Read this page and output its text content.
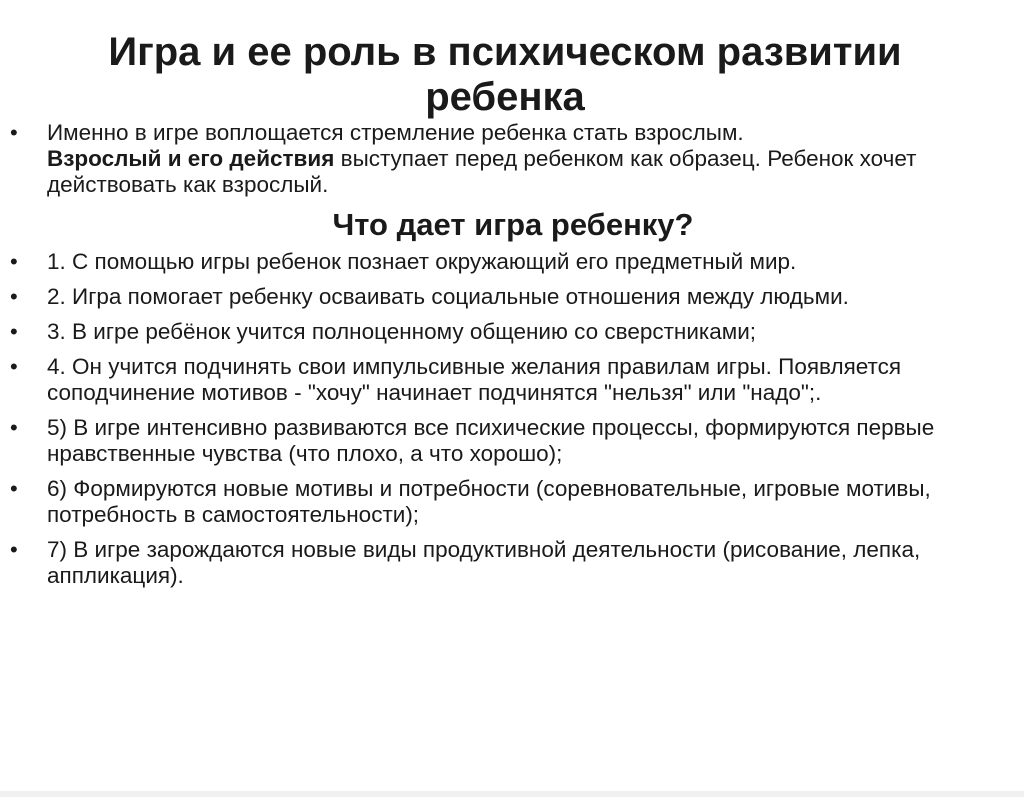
Игра и ее роль в психическом развитии ребенка
•	Именно в игре воплощается стремление ребенка стать взрослым.
Взрослый и его действия выступает перед ребенком как образец. Ребенок хочет действовать как взрослый.
Что дает игра ребенку?
•	1. С помощью игры ребенок познает окружающий его предметный мир.
•	2. Игра помогает ребенку осваивать социальные отношения между людьми.
•	3. В игре ребёнок учится полноценному общению со сверстниками;
•	4. Он учится подчинять свои импульсивные желания правилам игры. Появляется соподчинение мотивов - "хочу" начинает подчинятся "нельзя" или "надо";.
•	5) В игре интенсивно развиваются все психические процессы, формируются первые нравственные чувства (что плохо, а что хорошо);
•	6) Формируются новые мотивы и потребности (соревновательные, игровые мотивы, потребность в самостоятельности);
•	7) В игре зарождаются новые виды продуктивной деятельности (рисование, лепка, аппликация).
